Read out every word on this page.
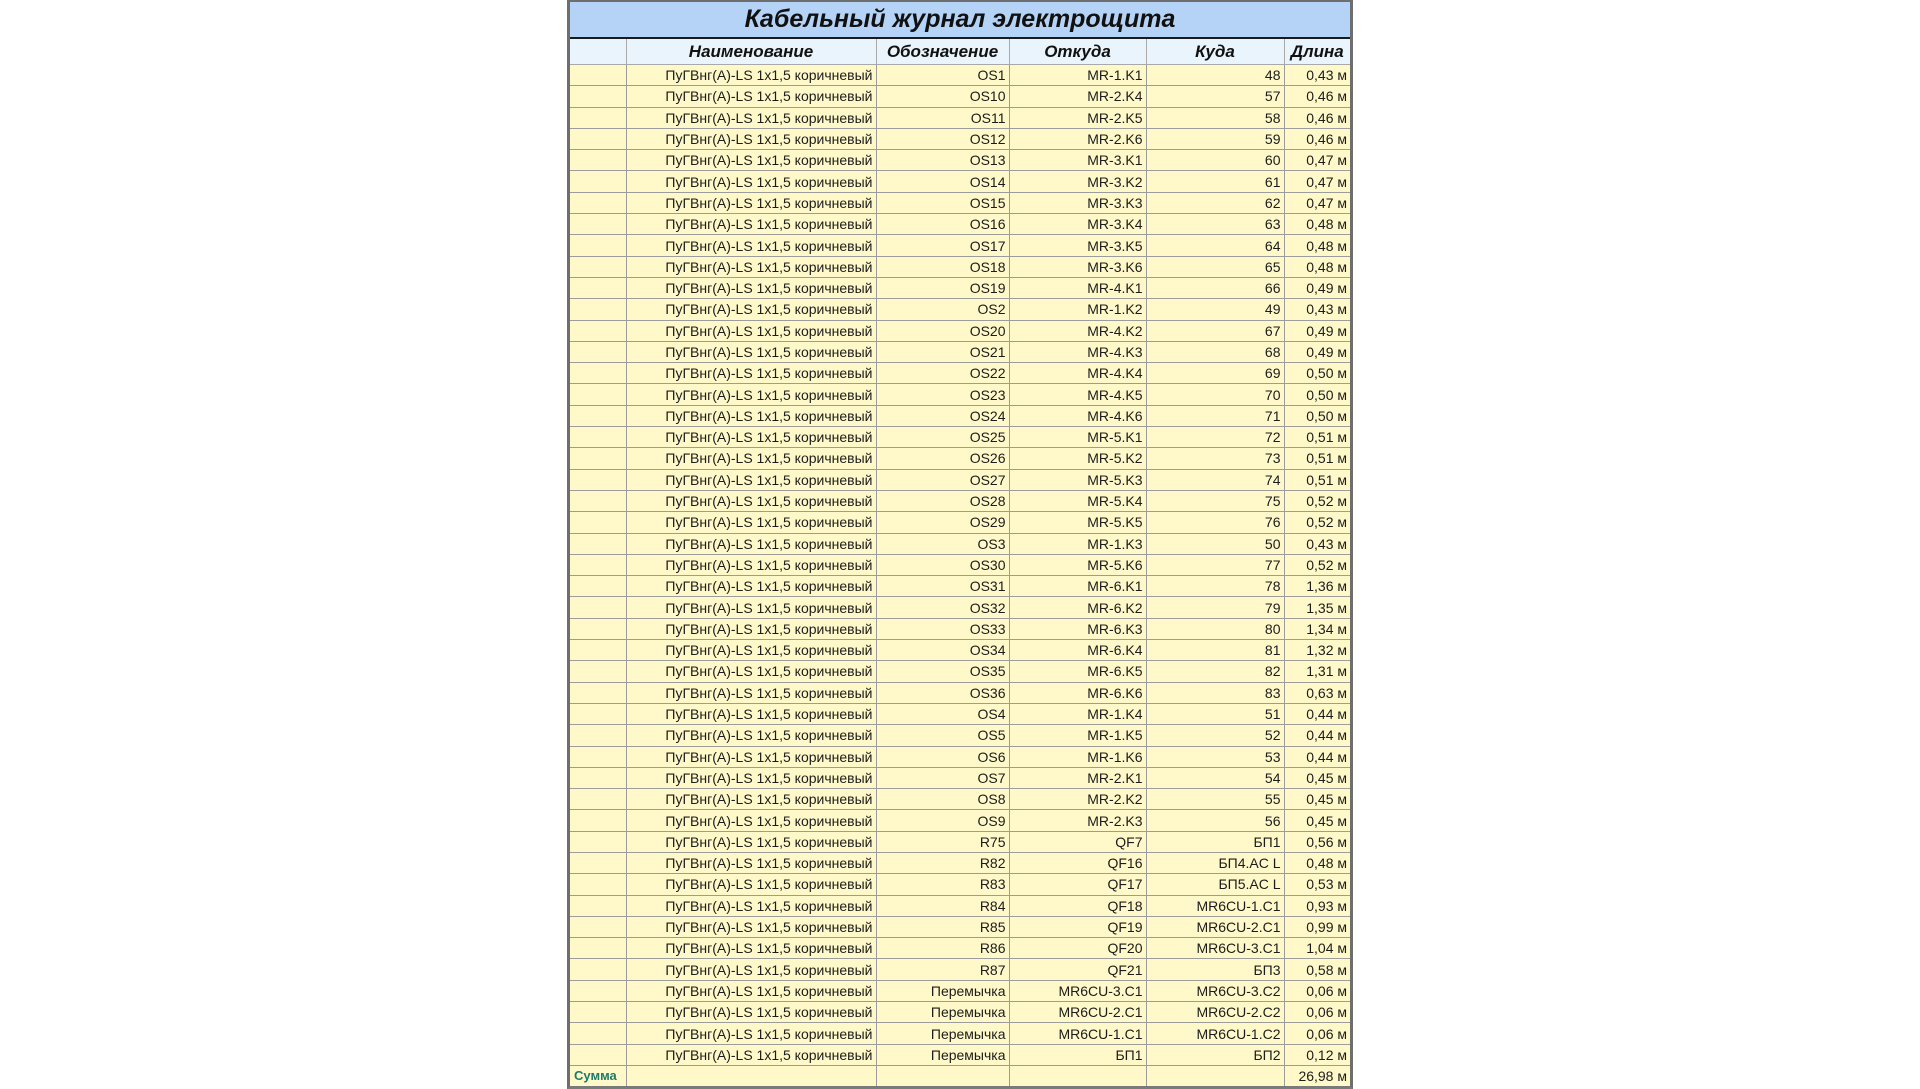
Кабельный журнал электрощита
	Наименование	Обозначение	Откуда	Куда	Длина
	ПуГВнг(А)-LS 1x1,5 коричневый	OS1	MR-1.K1	48	0,43 м
	ПуГВнг(А)-LS 1x1,5 коричневый	OS10	MR-2.K4	57	0,46 м
	ПуГВнг(А)-LS 1x1,5 коричневый	OS11	MR-2.K5	58	0,46 м
	ПуГВнг(А)-LS 1x1,5 коричневый	OS12	MR-2.K6	59	0,46 м
	ПуГВнг(А)-LS 1x1,5 коричневый	OS13	MR-3.K1	60	0,47 м
	ПуГВнг(А)-LS 1x1,5 коричневый	OS14	MR-3.K2	61	0,47 м
	ПуГВнг(А)-LS 1x1,5 коричневый	OS15	MR-3.K3	62	0,47 м
	ПуГВнг(А)-LS 1x1,5 коричневый	OS16	MR-3.K4	63	0,48 м
	ПуГВнг(А)-LS 1x1,5 коричневый	OS17	MR-3.K5	64	0,48 м
	ПуГВнг(А)-LS 1x1,5 коричневый	OS18	MR-3.K6	65	0,48 м
	ПуГВнг(А)-LS 1x1,5 коричневый	OS19	MR-4.K1	66	0,49 м
	ПуГВнг(А)-LS 1x1,5 коричневый	OS2	MR-1.K2	49	0,43 м
	ПуГВнг(А)-LS 1x1,5 коричневый	OS20	MR-4.K2	67	0,49 м
	ПуГВнг(А)-LS 1x1,5 коричневый	OS21	MR-4.K3	68	0,49 м
	ПуГВнг(А)-LS 1x1,5 коричневый	OS22	MR-4.K4	69	0,50 м
	ПуГВнг(А)-LS 1x1,5 коричневый	OS23	MR-4.K5	70	0,50 м
	ПуГВнг(А)-LS 1x1,5 коричневый	OS24	MR-4.K6	71	0,50 м
	ПуГВнг(А)-LS 1x1,5 коричневый	OS25	MR-5.K1	72	0,51 м
	ПуГВнг(А)-LS 1x1,5 коричневый	OS26	MR-5.K2	73	0,51 м
	ПуГВнг(А)-LS 1x1,5 коричневый	OS27	MR-5.K3	74	0,51 м
	ПуГВнг(А)-LS 1x1,5 коричневый	OS28	MR-5.K4	75	0,52 м
	ПуГВнг(А)-LS 1x1,5 коричневый	OS29	MR-5.K5	76	0,52 м
	ПуГВнг(А)-LS 1x1,5 коричневый	OS3	MR-1.K3	50	0,43 м
	ПуГВнг(А)-LS 1x1,5 коричневый	OS30	MR-5.K6	77	0,52 м
	ПуГВнг(А)-LS 1x1,5 коричневый	OS31	MR-6.K1	78	1,36 м
	ПуГВнг(А)-LS 1x1,5 коричневый	OS32	MR-6.K2	79	1,35 м
	ПуГВнг(А)-LS 1x1,5 коричневый	OS33	MR-6.K3	80	1,34 м
	ПуГВнг(А)-LS 1x1,5 коричневый	OS34	MR-6.K4	81	1,32 м
	ПуГВнг(А)-LS 1x1,5 коричневый	OS35	MR-6.K5	82	1,31 м
	ПуГВнг(А)-LS 1x1,5 коричневый	OS36	MR-6.K6	83	0,63 м
	ПуГВнг(А)-LS 1x1,5 коричневый	OS4	MR-1.K4	51	0,44 м
	ПуГВнг(А)-LS 1x1,5 коричневый	OS5	MR-1.K5	52	0,44 м
	ПуГВнг(А)-LS 1x1,5 коричневый	OS6	MR-1.K6	53	0,44 м
	ПуГВнг(А)-LS 1x1,5 коричневый	OS7	MR-2.K1	54	0,45 м
	ПуГВнг(А)-LS 1x1,5 коричневый	OS8	MR-2.K2	55	0,45 м
	ПуГВнг(А)-LS 1x1,5 коричневый	OS9	MR-2.K3	56	0,45 м
	ПуГВнг(А)-LS 1x1,5 коричневый	R75	QF7	БП1	0,56 м
	ПуГВнг(А)-LS 1x1,5 коричневый	R82	QF16	БП4.AC L	0,48 м
	ПуГВнг(А)-LS 1x1,5 коричневый	R83	QF17	БП5.AC L	0,53 м
	ПуГВнг(А)-LS 1x1,5 коричневый	R84	QF18	MR6CU-1.C1	0,93 м
	ПуГВнг(А)-LS 1x1,5 коричневый	R85	QF19	MR6CU-2.C1	0,99 м
	ПуГВнг(А)-LS 1x1,5 коричневый	R86	QF20	MR6CU-3.C1	1,04 м
	ПуГВнг(А)-LS 1x1,5 коричневый	R87	QF21	БП3	0,58 м
	ПуГВнг(А)-LS 1x1,5 коричневый	Перемычка	MR6CU-3.C1	MR6CU-3.C2	0,06 м
	ПуГВнг(А)-LS 1x1,5 коричневый	Перемычка	MR6CU-2.C1	MR6CU-2.C2	0,06 м
	ПуГВнг(А)-LS 1x1,5 коричневый	Перемычка	MR6CU-1.C1	MR6CU-1.C2	0,06 м
	ПуГВнг(А)-LS 1x1,5 коричневый	Перемычка	БП1	БП2	0,12 м
Сумма					26,98 м
